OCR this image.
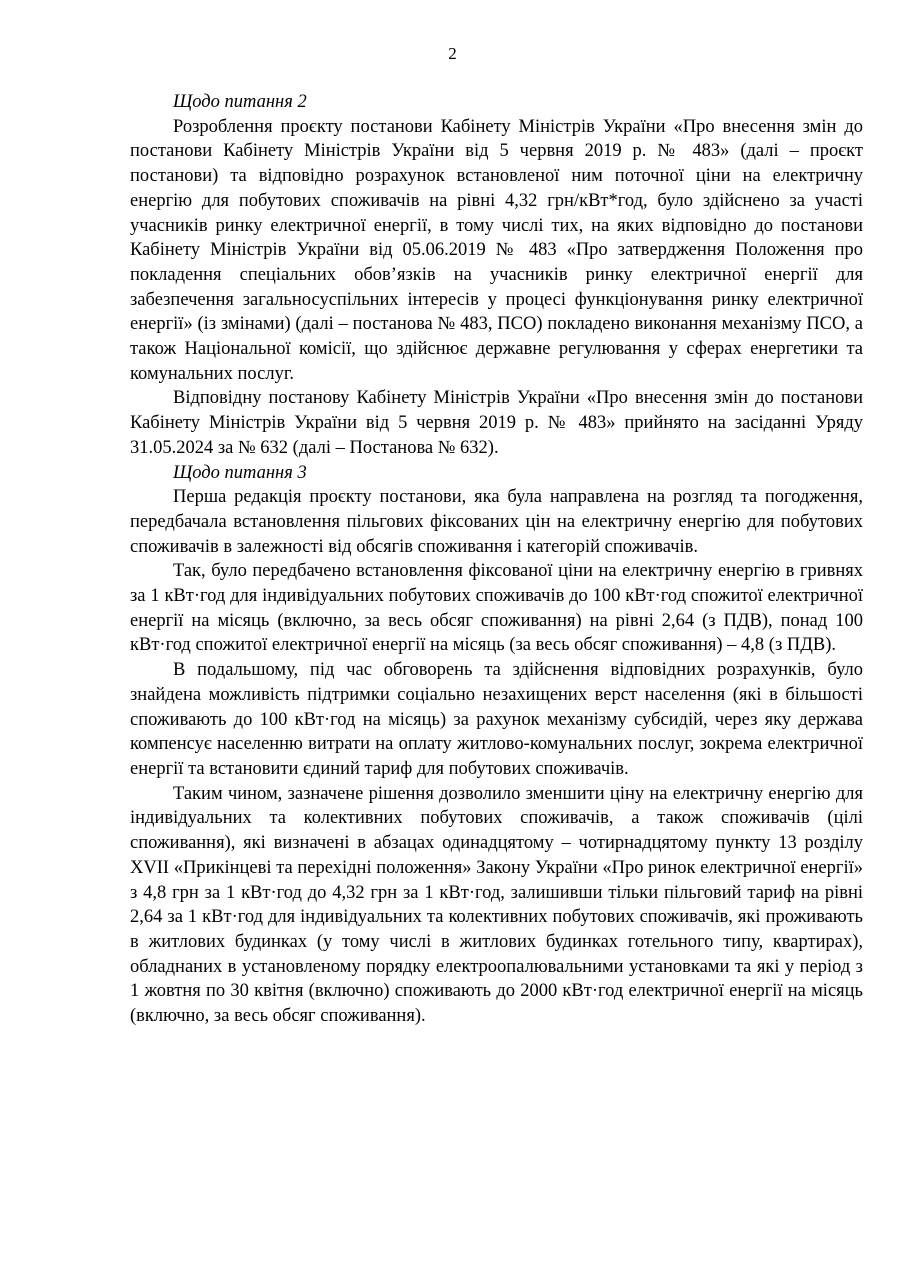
2

Щодо питання 2

Розроблення проєкту постанови Кабінету Міністрів України «Про внесення змін до постанови Кабінету Міністрів України від 5 червня 2019 р. № 483» (далі – проєкт постанови) та відповідно розрахунок встановленої ним поточної ціни на електричну енергію для побутових споживачів на рівні 4,32 грн/кВт*год, було здійснено за участі учасників ринку електричної енергії, в тому числі тих, на яких відповідно до постанови Кабінету Міністрів України від 05.06.2019 № 483 «Про затвердження Положення про покладення спеціальних обов’язків на учасників ринку електричної енергії для забезпечення загальносуспільних інтересів у процесі функціонування ринку електричної енергії» (із змінами) (далі – постанова № 483, ПСО) покладено виконання механізму ПСО, а також Національної комісії, що здійснює державне регулювання у сферах енергетики та комунальних послуг.

Відповідну постанову Кабінету Міністрів України «Про внесення змін до постанови Кабінету Міністрів України від 5 червня 2019 р. № 483» прийнято на засіданні Уряду 31.05.2024 за № 632 (далі – Постанова № 632).

Щодо питання 3

Перша редакція проєкту постанови, яка була направлена на розгляд та погодження, передбачала встановлення пільгових фіксованих цін на електричну енергію для побутових споживачів в залежності від обсягів споживання і категорій споживачів.

Так, було передбачено встановлення фіксованої ціни на електричну енергію в гривнях за 1 кВт·год для індивідуальних побутових споживачів до 100 кВт·год спожитої електричної енергії на місяць (включно, за весь обсяг споживання) на рівні 2,64 (з ПДВ), понад 100 кВт·год спожитої електричної енергії на місяць (за весь обсяг споживання) – 4,8 (з ПДВ).

В подальшому, під час обговорень та здійснення відповідних розрахунків, було знайдена можливість підтримки соціально незахищених верст населення (які в більшості споживають до 100 кВт·год на місяць) за рахунок механізму субсидій, через яку держава компенсує населенню витрати на оплату житлово-комунальних послуг, зокрема електричної енергії та встановити єдиний тариф для побутових споживачів.

Таким чином, зазначене рішення дозволило зменшити ціну на електричну енергію для індивідуальних та колективних побутових споживачів, а також споживачів (цілі споживання), які визначені в абзацах одинадцятому – чотирнадцятому пункту 13 розділу XVII «Прикінцеві та перехідні положення» Закону України «Про ринок електричної енергії» з 4,8 грн за 1 кВт·год до 4,32 грн за 1 кВт·год, залишивши тільки пільговий тариф на рівні 2,64 за 1 кВт·год для індивідуальних та колективних побутових споживачів, які проживають в житлових будинках (у тому числі в житлових будинках готельного типу, квартирах), обладнаних в установленому порядку електроопалювальними установками та які у період з 1 жовтня по 30 квітня (включно) споживають до 2000 кВт·год електричної енергії на місяць (включно, за весь обсяг споживання).
